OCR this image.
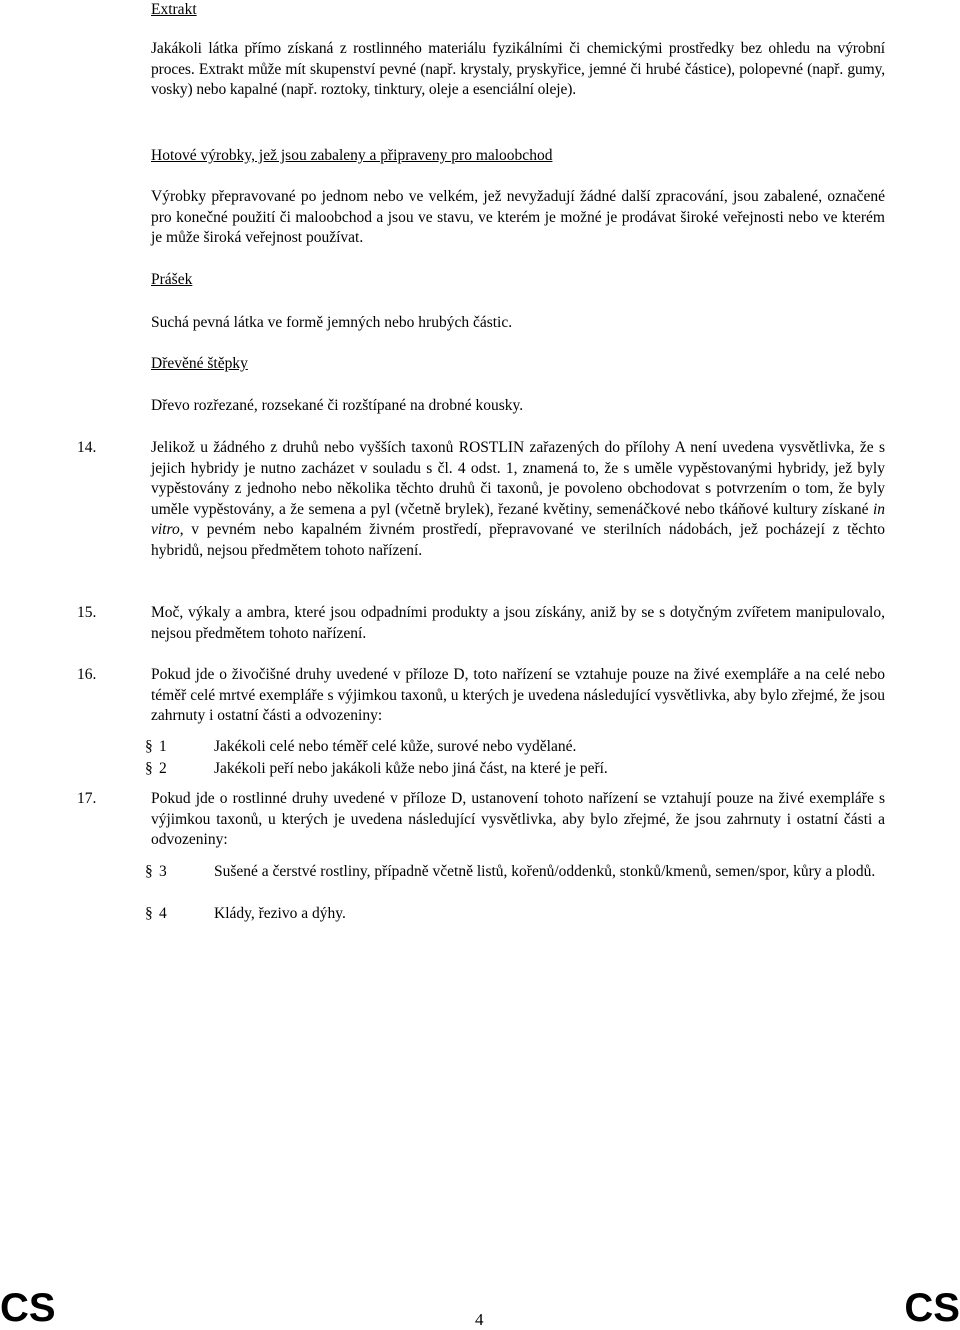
Extrakt

Jakákoli látka přímo získaná z rostlinného materiálu fyzikálními či chemickými prostředky bez ohledu na výrobní proces. Extrakt může mít skupenství pevné (např. krystaly, pryskyřice, jemné či hrubé částice), polopevné (např. gumy, vosky) nebo kapalné (např. roztoky, tinktury, oleje a esenciální oleje).

Hotové výrobky, jež jsou zabaleny a připraveny pro maloobchod

Výrobky přepravované po jednom nebo ve velkém, jež nevyžadují žádné další zpracování, jsou zabalené, označené pro konečné použití či maloobchod a jsou ve stavu, ve kterém je možné je prodávat široké veřejnosti nebo ve kterém je může široká veřejnost používat.

Prášek

Suchá pevná látka ve formě jemných nebo hrubých částic.

Dřevěné štěpky

Dřevo rozřezané, rozsekané či rozštípané na drobné kousky.

14.	Jelikož u žádného z druhů nebo vyšších taxonů ROSTLIN zařazených do přílohy A není uvedena vysvětlivka, že s jejich hybridy je nutno zacházet v souladu s čl. 4 odst. 1, znamená to, že s uměle vypěstovanými hybridy, jež byly vypěstovány z jednoho nebo několika těchto druhů či taxonů, je povoleno obchodovat s potvrzením o tom, že byly uměle vypěstovány, a že semena a pyl (včetně brylek), řezané květiny, semenáčkové nebo tkáňové kultury získané in vitro, v pevném nebo kapalném živném prostředí, přepravované ve sterilních nádobách, jež pocházejí z těchto hybridů, nejsou předmětem tohoto nařízení.

15.	Moč, výkaly a ambra, které jsou odpadními produkty a jsou získány, aniž by se s dotyčným zvířetem manipulovalo, nejsou předmětem tohoto nařízení.

16.	Pokud jde o živočišné druhy uvedené v příloze D, toto nařízení se vztahuje pouze na živé exempláře a na celé nebo téměř celé mrtvé exempláře s výjimkou taxonů, u kterých je uvedena následující vysvětlivka, aby bylo zřejmé, že jsou zahrnuty i ostatní části a odvozeniny:

§ 1	Jakékoli celé nebo téměř celé kůže, surové nebo vydělané.
§ 2	Jakékoli peří nebo jakákoli kůže nebo jiná část, na které je peří.
17.	Pokud jde o rostlinné druhy uvedené v příloze D, ustanovení tohoto nařízení se vztahují pouze na živé exempláře s výjimkou taxonů, u kterých je uvedena následující vysvětlivka, aby bylo zřejmé, že jsou zahrnuty i ostatní části a odvozeniny:

§ 3	Sušené a čerstvé rostliny, případně včetně listů, kořenů/oddenků, stonků/kmenů, semen/spor, kůry a plodů.
§ 4	Klády, řezivo a dýhy.
CS	4	CS
